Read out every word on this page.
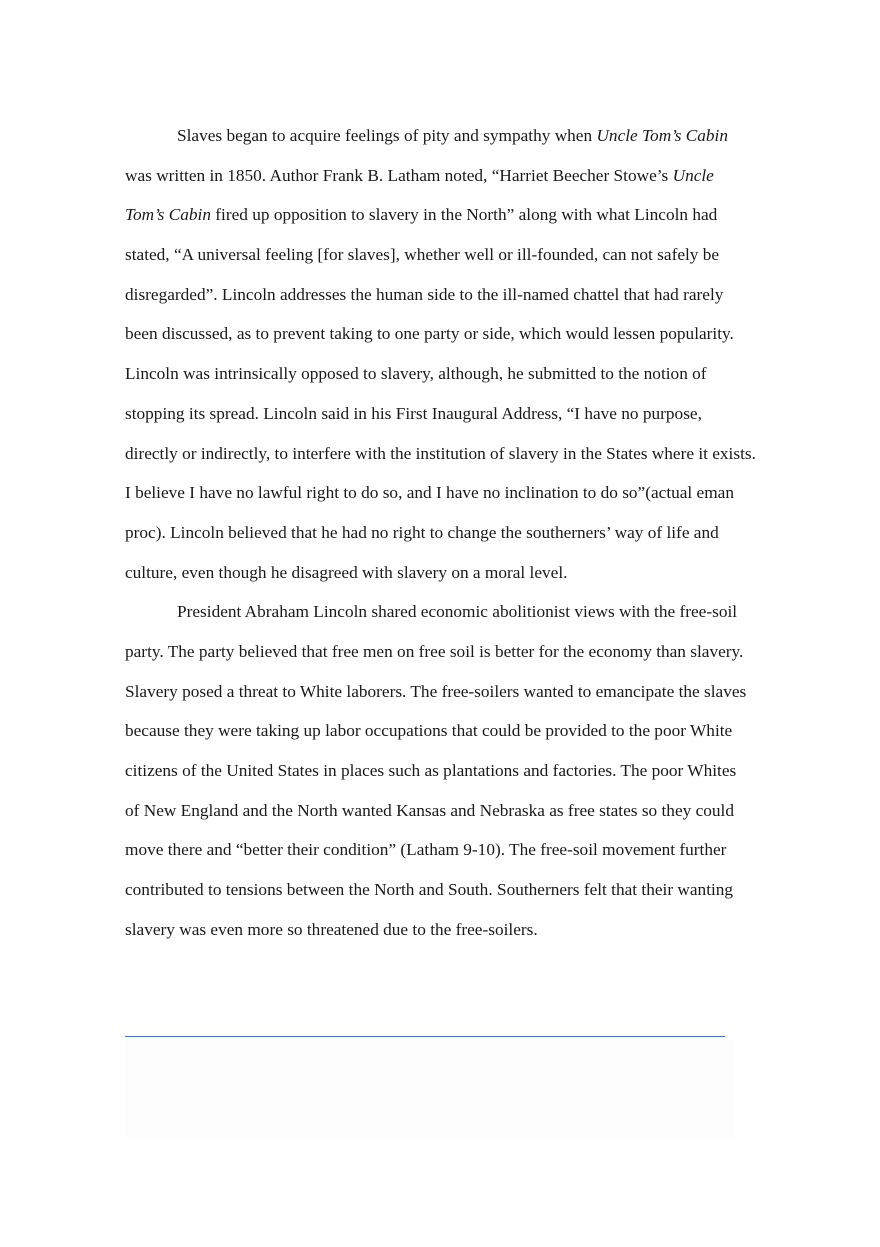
Slaves began to acquire feelings of pity and sympathy when Uncle Tom’s Cabin
was written in 1850. Author Frank B. Latham noted, “Harriet Beecher Stowe’s Uncle
Tom’s Cabin fired up opposition to slavery in the North” along with what Lincoln had
stated, “A universal feeling [for slaves], whether well or ill-founded, can not safely be
disregarded”. Lincoln addresses the human side to the ill-named chattel that had rarely
been discussed, as to prevent taking to one party or side, which would lessen popularity.
Lincoln was intrinsically opposed to slavery, although, he submitted to the notion of
stopping its spread. Lincoln said in his First Inaugural Address, “I have no purpose,
directly or indirectly, to interfere with the institution of slavery in the States where it exists.
I believe I have no lawful right to do so, and I have no inclination to do so”(actual eman
proc). Lincoln believed that he had no right to change the southerners’ way of life and
culture, even though he disagreed with slavery on a moral level.
President Abraham Lincoln shared economic abolitionist views with the free-soil
party. The party believed that free men on free soil is better for the economy than slavery.
Slavery posed a threat to White laborers. The free-soilers wanted to emancipate the slaves
because they were taking up labor occupations that could be provided to the poor White
citizens of the United States in places such as plantations and factories. The poor Whites
of New England and the North wanted Kansas and Nebraska as free states so they could
move there and “better their condition” (Latham 9-10). The free-soil movement further
contributed to tensions between the North and South. Southerners felt that their wanting
slavery was even more so threatened due to the free-soilers.
